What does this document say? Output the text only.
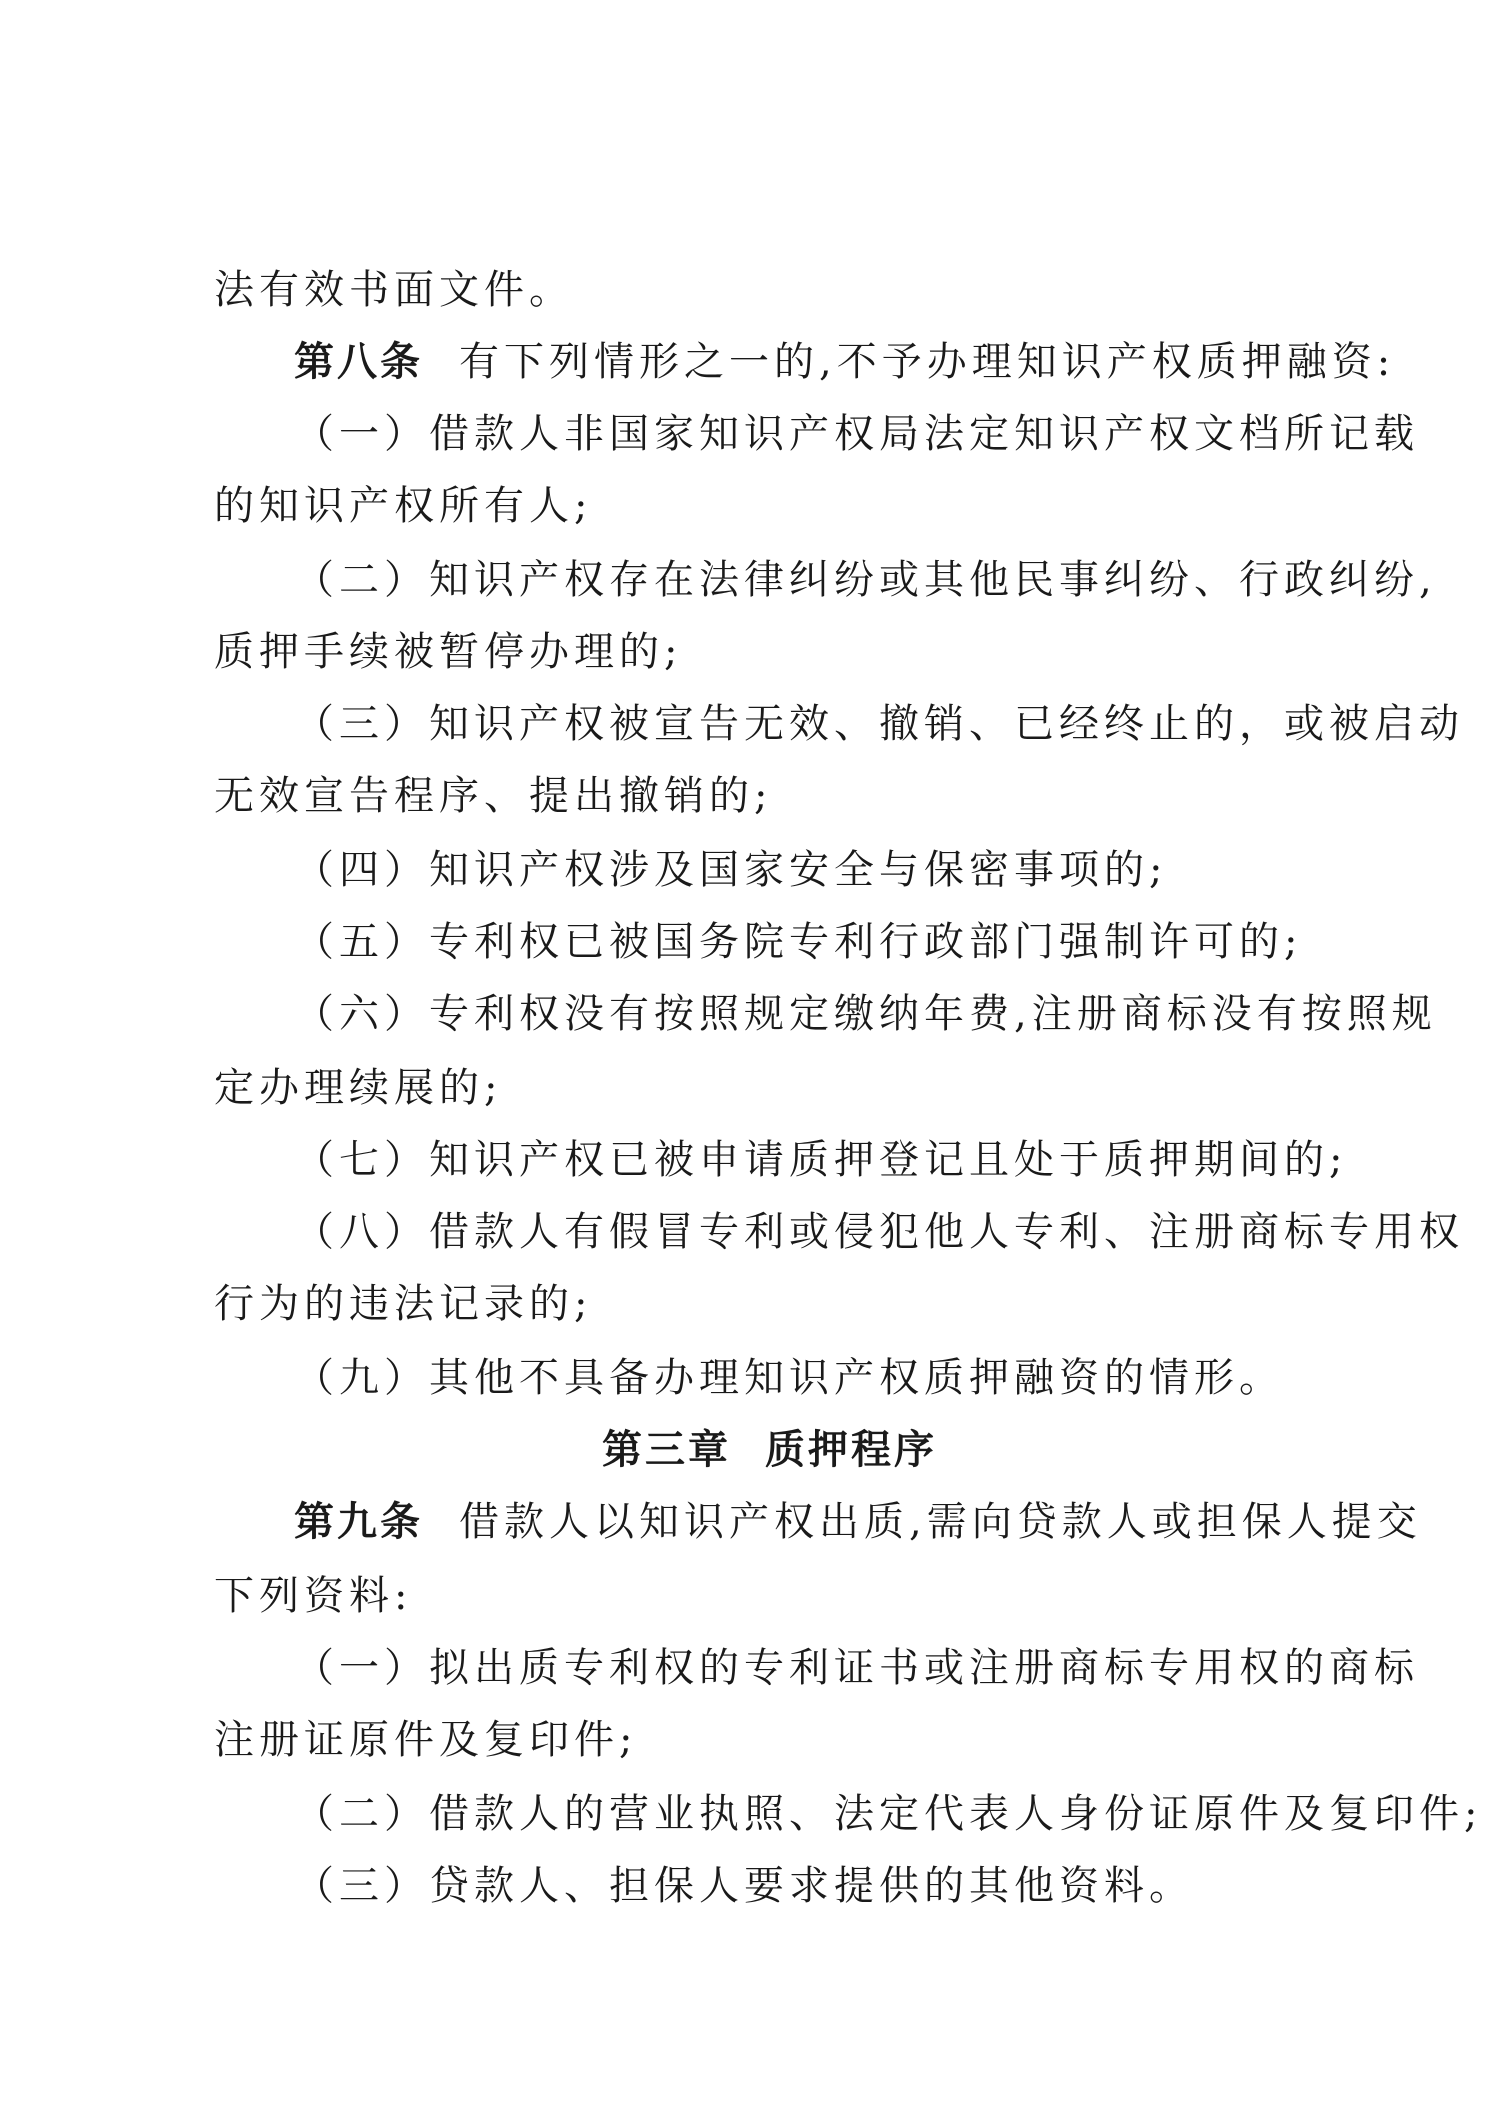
法有效书面文件。
第八条 有下列情形之一的,不予办理知识产权质押融资:
（一）借款人非国家知识产权局法定知识产权文档所记载
的知识产权所有人;
（二）知识产权存在法律纠纷或其他民事纠纷、行政纠纷,
质押手续被暂停办理的;
（三）知识产权被宣告无效、撤销、已经终止的，或被启动
无效宣告程序、提出撤销的;
（四）知识产权涉及国家安全与保密事项的;
（五）专利权已被国务院专利行政部门强制许可的;
（六）专利权没有按照规定缴纳年费,注册商标没有按照规
定办理续展的;
（七）知识产权已被申请质押登记且处于质押期间的;
（八）借款人有假冒专利或侵犯他人专利、注册商标专用权
行为的违法记录的;
（九）其他不具备办理知识产权质押融资的情形。
第三章 质押程序
第九条 借款人以知识产权出质,需向贷款人或担保人提交
下列资料:
（一）拟出质专利权的专利证书或注册商标专用权的商标
注册证原件及复印件;
（二）借款人的营业执照、法定代表人身份证原件及复印件;
（三）贷款人、担保人要求提供的其他资料。
